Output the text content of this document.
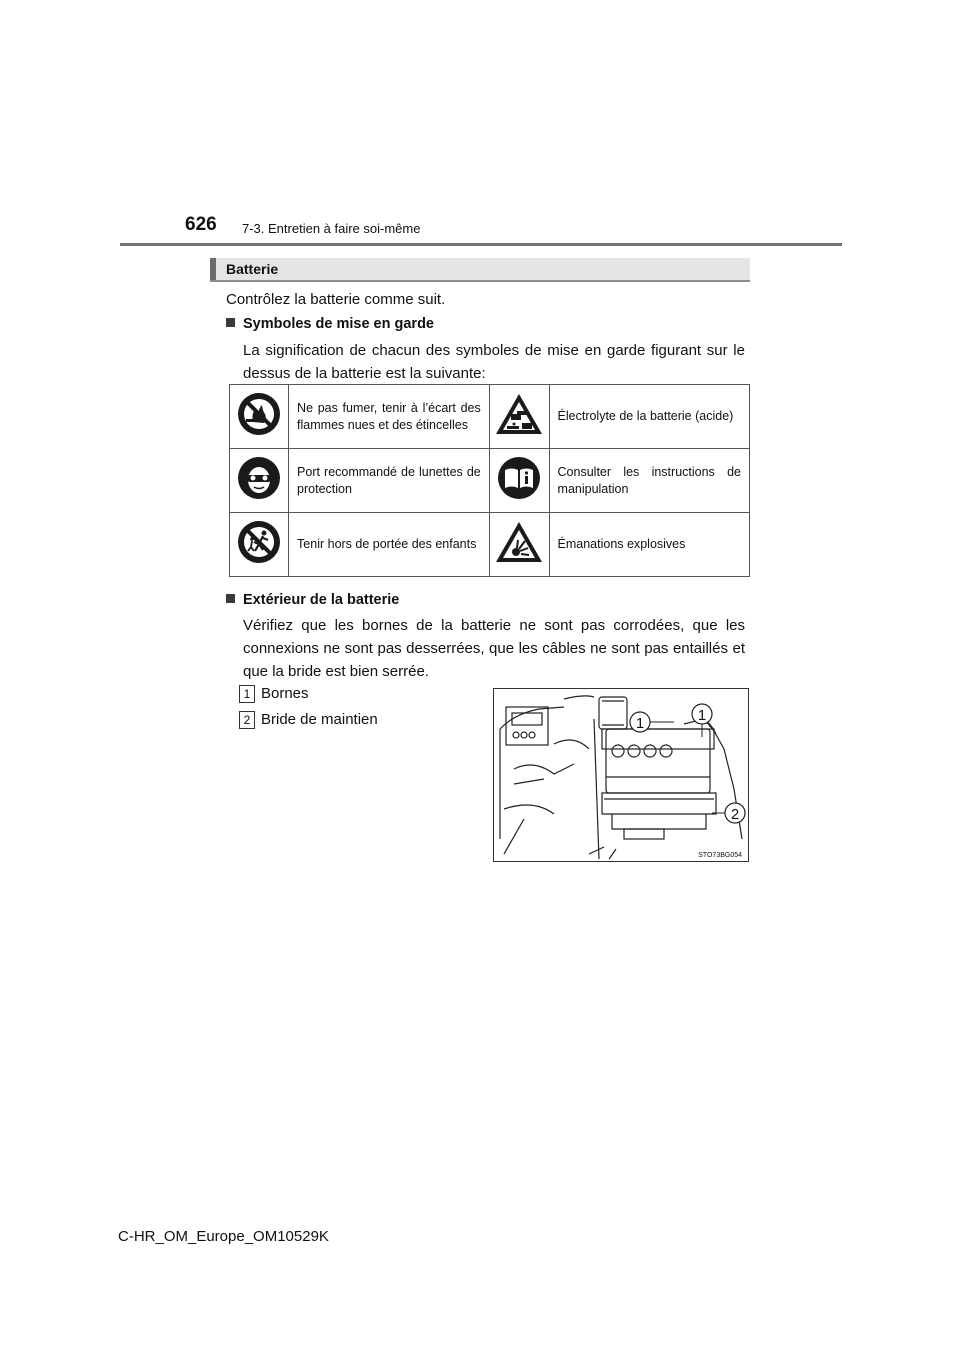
626 7-3. Entretien à faire soi-même
Batterie
Contrôlez la batterie comme suit.
Symboles de mise en garde
La signification de chacun des symboles de mise en garde figurant sur le dessus de la batterie est la suivante:
	Ne pas fumer, tenir à l’écart des flammes nues et des étincelles		Électrolyte de la batterie (acide)
	Port recommandé de lunettes de protection		Consulter les instructions de manipulation
	Tenir hors de portée des enfants		Émanations explosives
Extérieur de la batterie
Vérifiez que les bornes de la batterie ne sont pas corrodées, que les connexions ne sont pas desserrées, que les câbles ne sont pas entaillés et que la bride est bien serrée.
1 Bornes
2 Bride de maintien	1	1
2
STO73BG054
C-HR_OM_Europe_OM10529K
